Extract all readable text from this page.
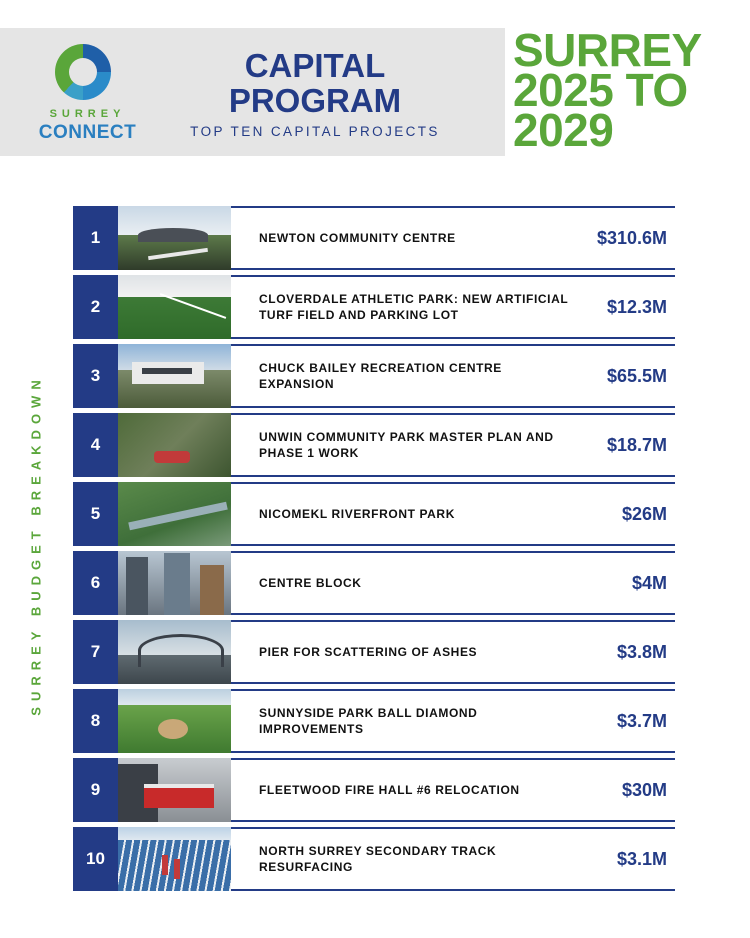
SURREY
CONNECT
CAPITAL
PROGRAM
TOP TEN CAPITAL PROJECTS
SURREY
2025 TO
2029
SURREY BUDGET BREAKDOWN
1	NEWTON COMMUNITY CENTRE	$310.6M
2	CLOVERDALE ATHLETIC PARK: NEW ARTIFICIAL TURF FIELD AND PARKING LOT	$12.3M
3	CHUCK BAILEY RECREATION CENTRE EXPANSION	$65.5M
4	UNWIN COMMUNITY PARK MASTER PLAN AND PHASE 1 WORK	$18.7M
5	NICOMEKL RIVERFRONT PARK	$26M
6	CENTRE BLOCK	$4M
7	PIER FOR SCATTERING OF ASHES	$3.8M
8	SUNNYSIDE PARK BALL DIAMOND IMPROVEMENTS	$3.7M
9	FLEETWOOD FIRE HALL #6 RELOCATION	$30M
10	NORTH SURREY SECONDARY TRACK RESURFACING	$3.1M
